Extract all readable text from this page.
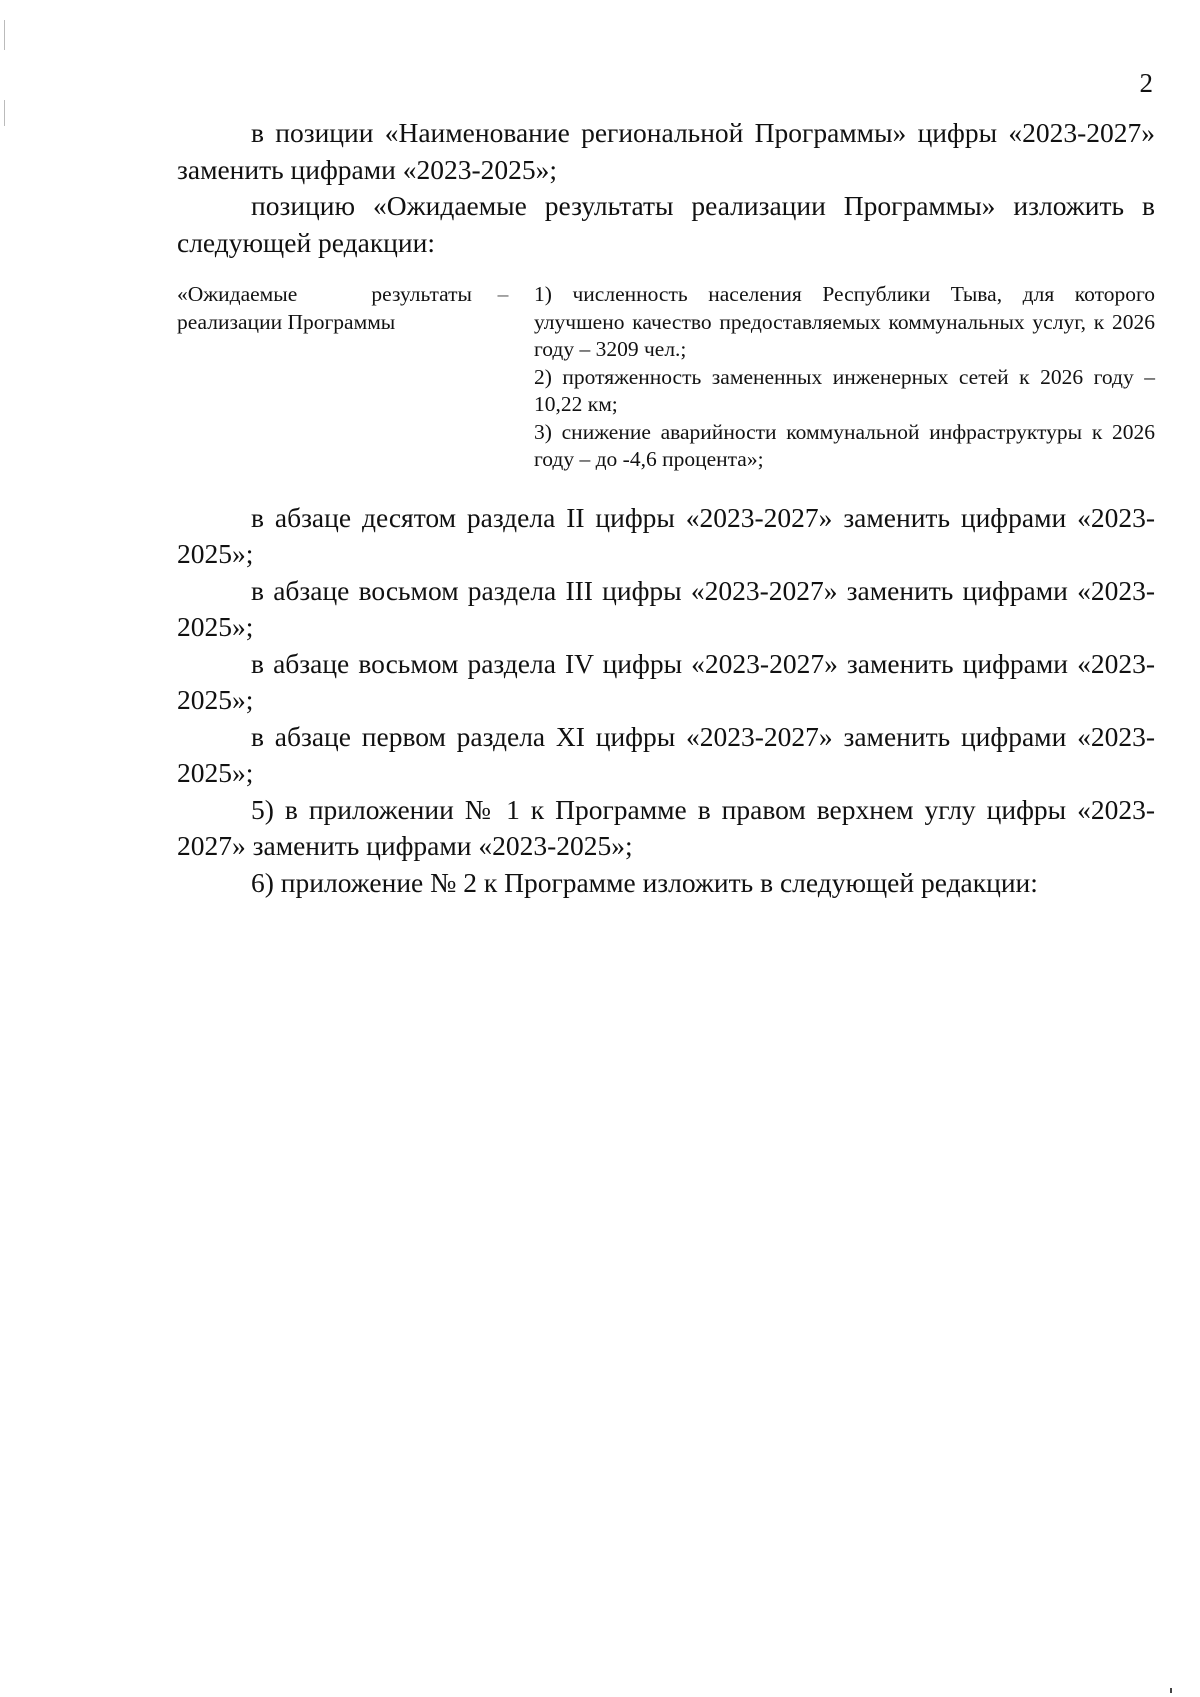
2

в позиции «Наименование региональной Программы» цифры «2023-2027» заменить цифрами «2023-2025»;

позицию «Ожидаемые результаты реализации Программы» изложить в следующей редакции:

«Ожидаемые	результаты
реализации Программы
–	1) численность населения Республики Тыва, для которого улучшено качество предоставляемых коммунальных услуг, к 2026 году – 3209 чел.;

2) протяженность замененных инженерных сетей к 2026 году – 10,22 км;

3) снижение аварийности коммунальной инфраструктуры к 2026 году – до -4,6 процента»;

в абзаце десятом раздела II цифры «2023-2027» заменить цифрами «2023-2025»;

в абзаце восьмом раздела III цифры «2023-2027» заменить цифрами «2023-2025»;

в абзаце восьмом раздела IV цифры «2023-2027» заменить цифрами «2023-2025»;

в абзаце первом раздела XI цифры «2023-2027» заменить цифрами «2023-2025»;

5) в приложении № 1 к Программе в правом верхнем углу цифры «2023-2027» заменить цифрами «2023-2025»;

6) приложение № 2 к Программе изложить в следующей редакции:
